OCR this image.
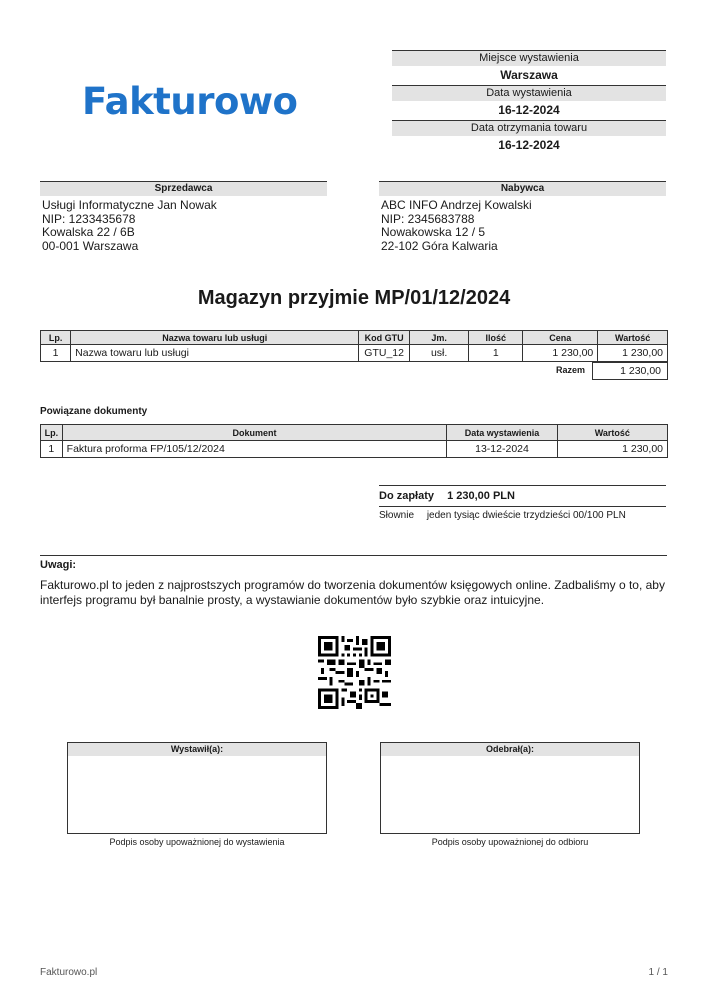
Fakturowo
Miejsce wystawienia
Warszawa
Data wystawienia
16-12-2024
Data otrzymania towaru
16-12-2024
Sprzedawca
Usługi Informatyczne Jan Nowak
NIP: 1233435678
Kowalska 22 / 6B
00-001 Warszawa
Nabywca
ABC INFO Andrzej Kowalski
NIP: 2345683788
Nowakowska 12 / 5
22-102 Góra Kalwaria
Magazyn przyjmie MP/01/12/2024
Lp.	Nazwa towaru lub usługi	Kod GTU	Jm.	Ilość	Cena	Wartość
1	Nazwa towaru lub usługi	GTU_12	usł.	1	1 230,00	1 230,00
Razem	1 230,00
Powiązane dokumenty
Lp.	Dokument	Data wystawienia	Wartość
1	Faktura proforma FP/105/12/2024	13-12-2024	1 230,00
Do zapłaty 1 230,00 PLN
Słownie jeden tysiąc dwieście trzydzieści 00/100 PLN
Uwagi:
Fakturowo.pl to jeden z najprostszych programów do tworzenia dokumentów księgowych online. Zadbaliśmy o to, aby interfejs programu był banalnie prosty, a wystawianie dokumentów było szybkie oraz intuicyjne.
Wystawił(a):
Podpis osoby upoważnionej do wystawienia
Odebrał(a):
Podpis osoby upoważnionej do odbioru
Fakturowo.pl	1 / 1
